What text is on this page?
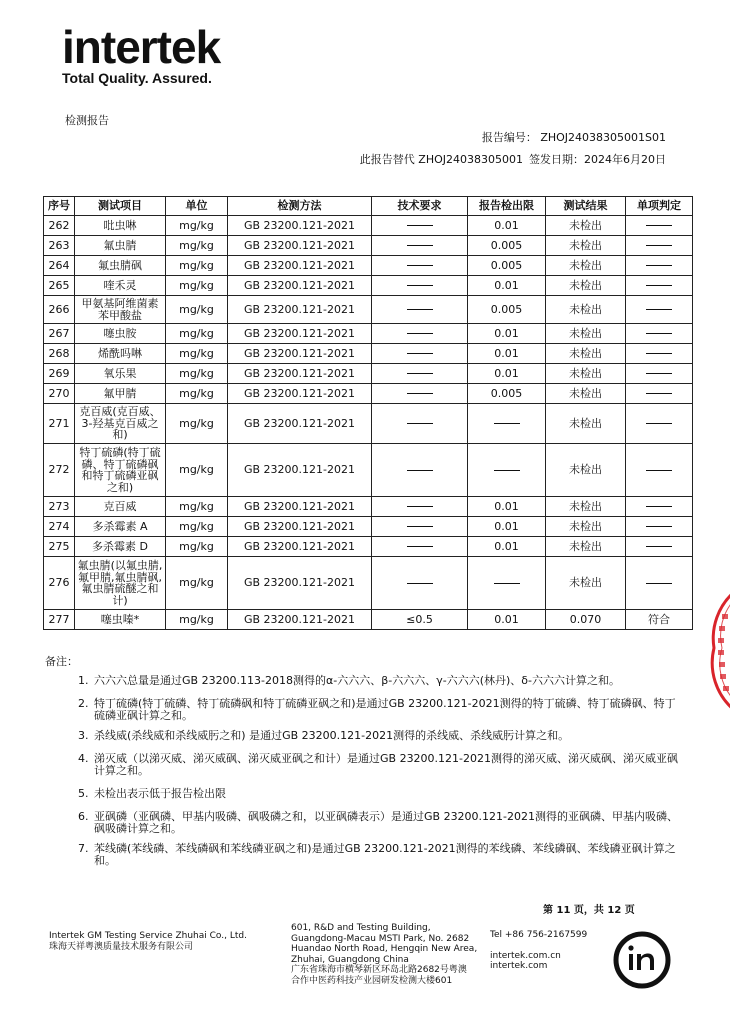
intertek
Total Quality. Assured.
检测报告
报告编号： ZHOJ24038305001S01
此报告替代 ZHOJ24038305001 签发日期：2024年6月20日
序号	测试项目	单位	检测方法	技术要求	报告检出限	测试结果	单项判定
262	吡虫啉	mg/kg	GB 23200.121-2021		0.01	未检出	
263	氟虫腈	mg/kg	GB 23200.121-2021		0.005	未检出	
264	氟虫腈砜	mg/kg	GB 23200.121-2021		0.005	未检出	
265	喹禾灵	mg/kg	GB 23200.121-2021		0.01	未检出	
266	甲氨基阿维菌素苯甲酸盐	mg/kg	GB 23200.121-2021		0.005	未检出	
267	噻虫胺	mg/kg	GB 23200.121-2021		0.01	未检出	
268	烯酰吗啉	mg/kg	GB 23200.121-2021		0.01	未检出	
269	氧乐果	mg/kg	GB 23200.121-2021		0.01	未检出	
270	氟甲腈	mg/kg	GB 23200.121-2021		0.005	未检出	
271	克百威(克百威、3-羟基克百威之和)	mg/kg	GB 23200.121-2021			未检出	
272	特丁硫磷(特丁硫磷、特丁硫磷砜和特丁硫磷亚砜之和)	mg/kg	GB 23200.121-2021			未检出	
273	克百威	mg/kg	GB 23200.121-2021		0.01	未检出	
274	多杀霉素 A	mg/kg	GB 23200.121-2021		0.01	未检出	
275	多杀霉素 D	mg/kg	GB 23200.121-2021		0.01	未检出	
276	氟虫腈(以氟虫腈,氟甲腈,氟虫腈砜,氟虫腈硫醚之和计)	mg/kg	GB 23200.121-2021			未检出	
277	噻虫嗪*	mg/kg	GB 23200.121-2021	≤0.5	0.01	0.070	符合
备注：
1. 六六六总量是通过GB 23200.113-2018测得的α-六六六、β-六六六、γ-六六六(林丹)、δ-六六六计算之和。
2. 特丁硫磷(特丁硫磷、特丁硫磷砜和特丁硫磷亚砜之和)是通过GB 23200.121-2021测得的特丁硫磷、特丁硫磷砜、特丁硫磷亚砜计算之和。
3. 杀线威(杀线威和杀线威肟之和) 是通过GB 23200.121-2021测得的杀线威、杀线威肟计算之和。
4. 涕灭威（以涕灭威、涕灭威砜、涕灭威亚砜之和计）是通过GB 23200.121-2021测得的涕灭威、涕灭威砜、涕灭威亚砜 计算之和。
5. 未检出表示低于报告检出限
6. 亚砜磷（亚砜磷、甲基内吸磷、砜吸磷之和，以亚砜磷表示）是通过GB 23200.121-2021测得的亚砜磷、甲基内吸磷、砜吸磷计算之和。
7. 苯线磷(苯线磷、苯线磷砜和苯线磷亚砜之和)是通过GB 23200.121-2021测得的苯线磷、苯线磷砜、苯线磷亚砜计算之和。
第 11 页，共 12 页
Intertek GM Testing Service Zhuhai Co., Ltd.
珠海天祥粤澳质量技术服务有限公司
601, R&D and Testing Building,
Guangdong-Macau MSTI Park, No. 2682
Huandao North Road, Hengqin New Area,
Zhuhai, Guangdong China
广东省珠海市横琴新区环岛北路2682号粤澳
合作中医药科技产业园研发检测大楼601
Tel +86 756-2167599
intertek.com.cn
intertek.com
